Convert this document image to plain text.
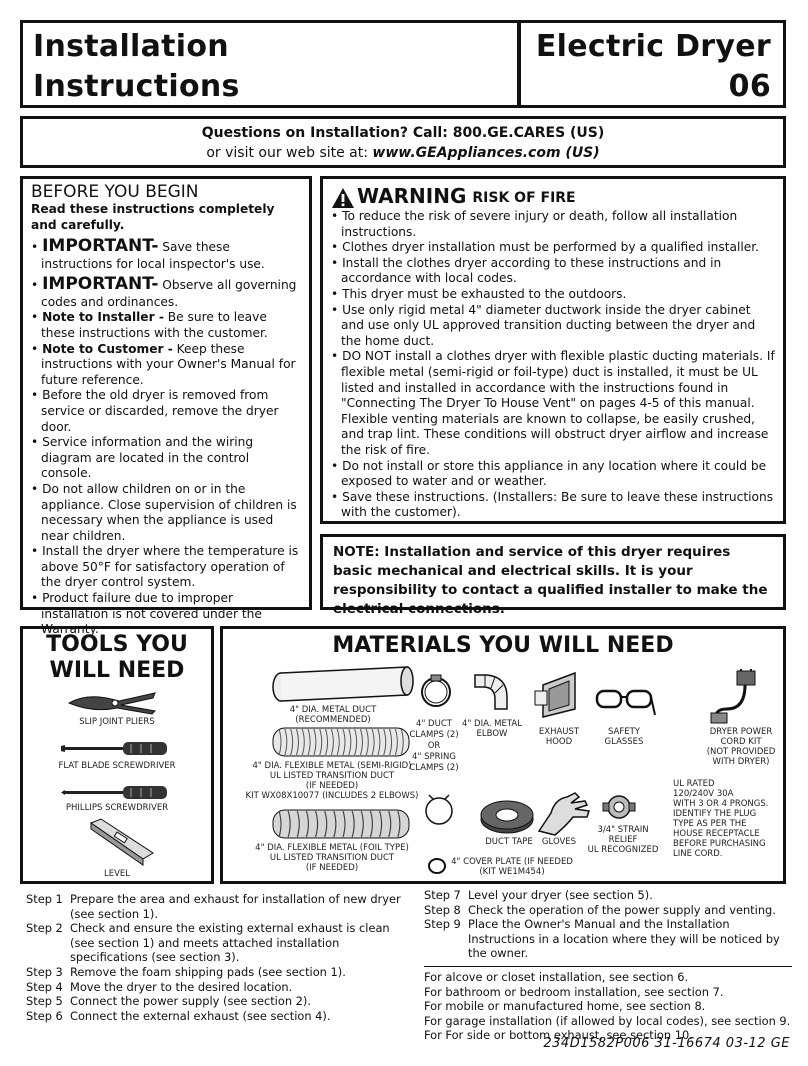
Installation
Instructions
Electric Dryer
06
Questions on Installation? Call: 800.GE.CARES (US)
or visit our web site at: www.GEAppliances.com (US)
BEFORE YOU BEGIN
Read these instructions completely and carefully.
• IMPORTANT- Save these instructions for local inspector's use.
• IMPORTANT- Observe all governing codes and ordinances.
• Note to Installer - Be sure to leave these instructions with the customer.
• Note to Customer - Keep these instructions with your Owner's Manual for future reference.
• Before the old dryer is removed from service or discarded, remove the dryer door.
• Service information and the wiring diagram are located in the control console.
• Do not allow children on or in the appliance. Close supervision of children is necessary when the appliance is used near children.
• Install the dryer where the temperature is above 50°F for satisfactory operation of the dryer control system.
• Product failure due to improper installation is not covered under the Warranty.
WARNING RISK OF FIRE
• To reduce the risk of severe injury or death, follow all installation instructions.
• Clothes dryer installation must be performed by a qualified installer.
• Install the clothes dryer according to these instructions and in accordance with local codes.
• This dryer must be exhausted to the outdoors.
• Use only rigid metal 4" diameter ductwork inside the dryer cabinet and use only UL approved transition ducting between the dryer and the home duct.
• DO NOT install a clothes dryer with flexible plastic ducting materials. If flexible metal (semi-rigid or foil-type) duct is installed, it must be UL listed and installed in accordance with the instructions found in "Connecting The Dryer To House Vent" on pages 4-5 of this manual. Flexible venting materials are known to collapse, be easily crushed, and trap lint. These conditions will obstruct dryer airflow and increase the risk of fire.
• Do not install or store this appliance in any location where it could be exposed to water and or weather.
• Save these instructions. (Installers: Be sure to leave these instructions with the customer).
NOTE: Installation and service of this dryer requires basic mechanical and electrical skills. It is your responsibility to contact a qualified installer to make the electrical connections.
TOOLS YOU
WILL NEED
SLIP JOINT PLIERS
FLAT BLADE SCREWDRIVER
PHILLIPS SCREWDRIVER
LEVEL
MATERIALS YOU WILL NEED
4" DIA. METAL DUCT
(RECOMMENDED)
4" DIA. FLEXIBLE METAL (SEMI-RIGID)
UL LISTED TRANSITION DUCT
(IF NEEDED)
KIT WX08X10077 (INCLUDES 2 ELBOWS)
4" DIA. FLEXIBLE METAL (FOIL TYPE)
UL LISTED TRANSITION DUCT
(IF NEEDED)
4" DUCT
CLAMPS (2)
OR
4" SPRING
CLAMPS (2)
4" DIA. METAL
ELBOW	EXHAUST
HOOD
SAFETY
GLASSES
DRYER POWER
CORD KIT
(NOT PROVIDED
WITH DRYER)
UL RATED
120/240V 30A
WITH 3 OR 4 PRONGS.
IDENTIFY THE PLUG
TYPE AS PER THE
HOUSE RECEPTACLE
BEFORE PURCHASING
LINE CORD.
DUCT TAPE	GLOVES
3/4" STRAIN
RELIEF
UL RECOGNIZED
4" COVER PLATE (IF NEEDED
(KIT WE1M454)
Step 1 Prepare the area and exhaust for installation of new dryer (see section 1).
Step 2 Check and ensure the existing external exhaust is clean (see section 1) and meets attached installation specifications (see section 3).
Step 3 Remove the foam shipping pads (see section 1).
Step 4 Move the dryer to the desired location.
Step 5 Connect the power supply (see section 2).
Step 6 Connect the external exhaust (see section 4).
Step 7 Level your dryer (see section 5).
Step 8 Check the operation of the power supply and venting.
Step 9 Place the Owner's Manual and the Installation Instructions in a location where they will be noticed by the owner.
For alcove or closet installation, see section 6.
For bathroom or bedroom installation, see section 7.
For mobile or manufactured home, see section 8.
For garage installation (if allowed by local codes), see section 9.
For For side or bottom exhaust, see section 10.
234D1582P006 31-16674 03-12 GE
